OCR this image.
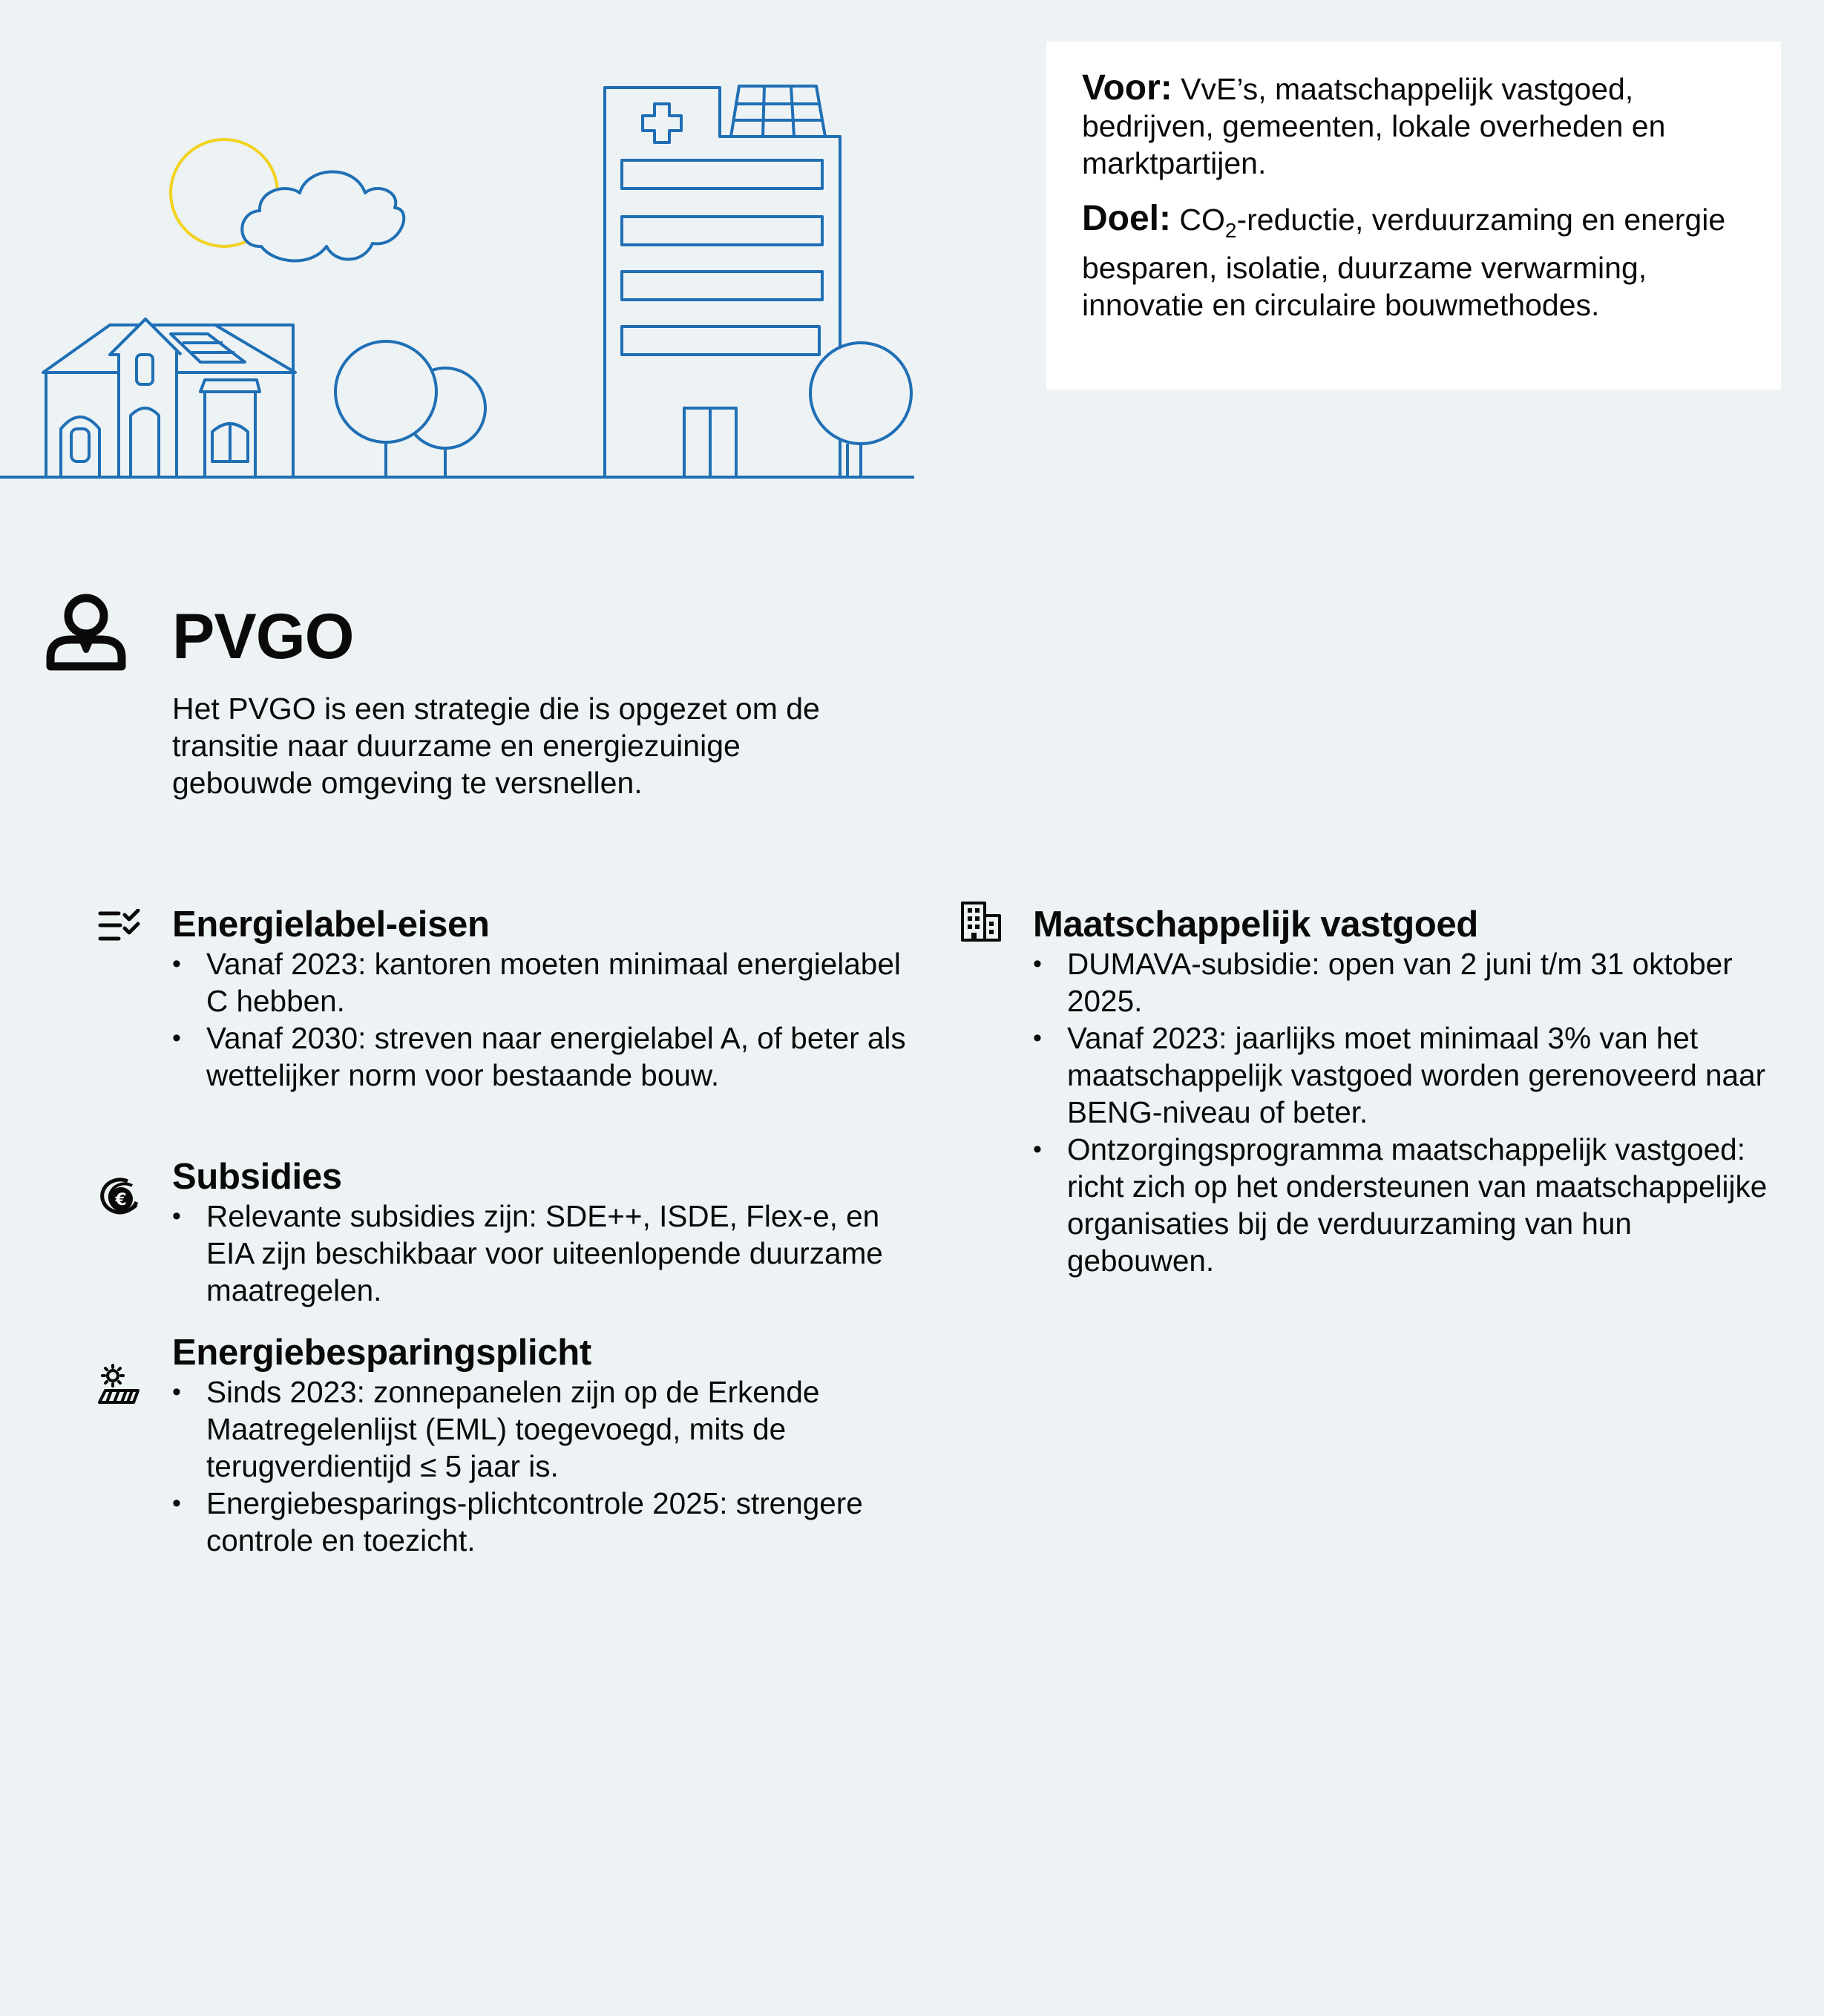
Voor: VvE’s, maatschappelijk vastgoed, bedrijven, gemeenten, lokale overheden en marktpartijen.

Doel: $CO_2$-reductie, verduurzaming en energie besparen, isolatie, duurzame verwarming, innovatie en circulaire bouwmethodes.

PVGO

Het PVGO is een strategie die is opgezet om de transitie naar duurzame en energiezuinige gebouwde omgeving te versnellen.

Energielabel-eisen
• Vanaf 2023: kantoren moeten minimaal energielabel C hebben.
• Vanaf 2030: streven naar energielabel A, of beter als wettelijker norm voor bestaande bouw.
€
Subsidies
• Relevante subsidies zijn: SDE++, ISDE, Flex-e, en EIA zijn beschikbaar voor uiteenlopende duurzame maatregelen.
Energiebesparingsplicht
• Sinds 2023: zonnepanelen zijn op de Erkende Maatregelenlijst (EML) toegevoegd, mits de terugverdientijd ≤ 5 jaar is.
• Energiebesparings-plichtcontrole 2025: strengere controle en toezicht.
Maatschappelijk vastgoed
• DUMAVA-subsidie: open van 2 juni t/m 31 oktober 2025.
• Vanaf 2023: jaarlijks moet minimaal 3% van het maatschappelijk vastgoed worden gerenoveerd naar BENG-niveau of beter.
• Ontzorgingsprogramma maatschappelijk vastgoed: richt zich op het ondersteunen van maatschappelijke organisaties bij de verduurzaming van hun gebouwen.
